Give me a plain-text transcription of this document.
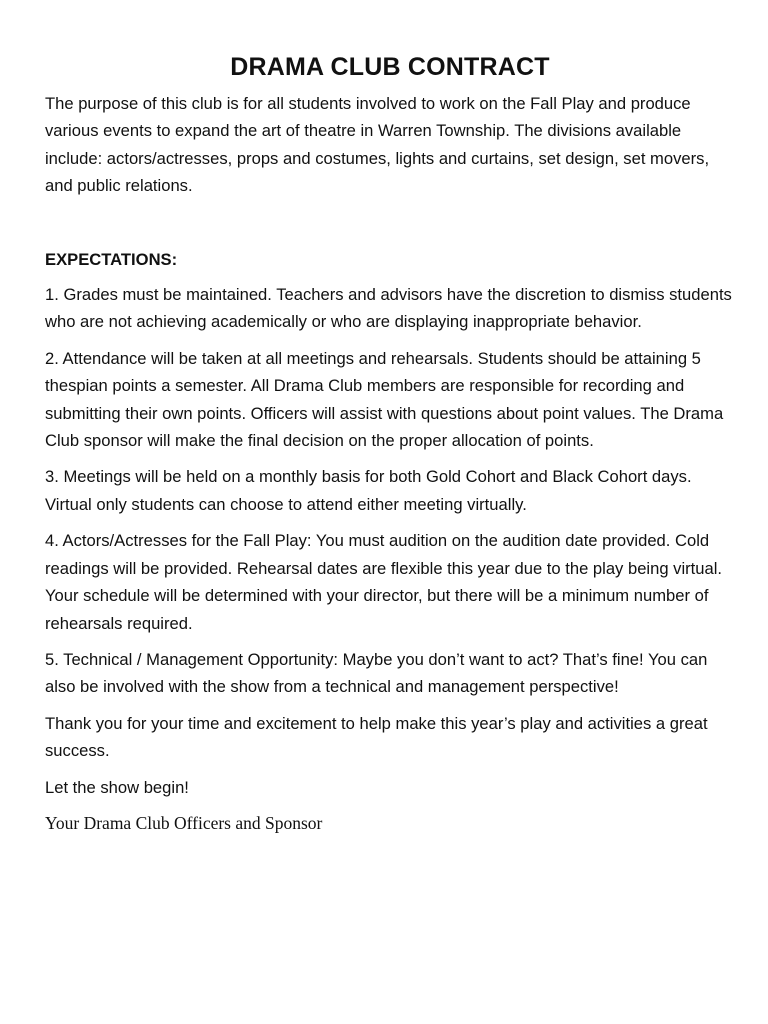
DRAMA CLUB CONTRACT

The purpose of this club is for all students involved to work on the Fall Play and produce various events to expand the art of theatre in Warren Township. The divisions available include: actors/actresses, props and costumes, lights and curtains, set design, set movers, and public relations.

EXPECTATIONS:

1. Grades must be maintained. Teachers and advisors have the discretion to dismiss students who are not achieving academically or who are displaying inappropriate behavior.

2. Attendance will be taken at all meetings and rehearsals. Students should be attaining 5 thespian points a semester. All Drama Club members are responsible for recording and submitting their own points. Officers will assist with questions about point values. The Drama Club sponsor will make the final decision on the proper allocation of points.

3. Meetings will be held on a monthly basis for both Gold Cohort and Black Cohort days. Virtual only students can choose to attend either meeting virtually.

4. Actors/Actresses for the Fall Play: You must audition on the audition date provided. Cold readings will be provided. Rehearsal dates are flexible this year due to the play being virtual. Your schedule will be determined with your director, but there will be a minimum number of rehearsals required.

5. Technical / Management Opportunity: Maybe you don’t want to act? That’s fine! You can also be involved with the show from a technical and management perspective!

Thank you for your time and excitement to help make this year’s play and activities a great success.

Let the show begin!

Your Drama Club Officers and Sponsor
